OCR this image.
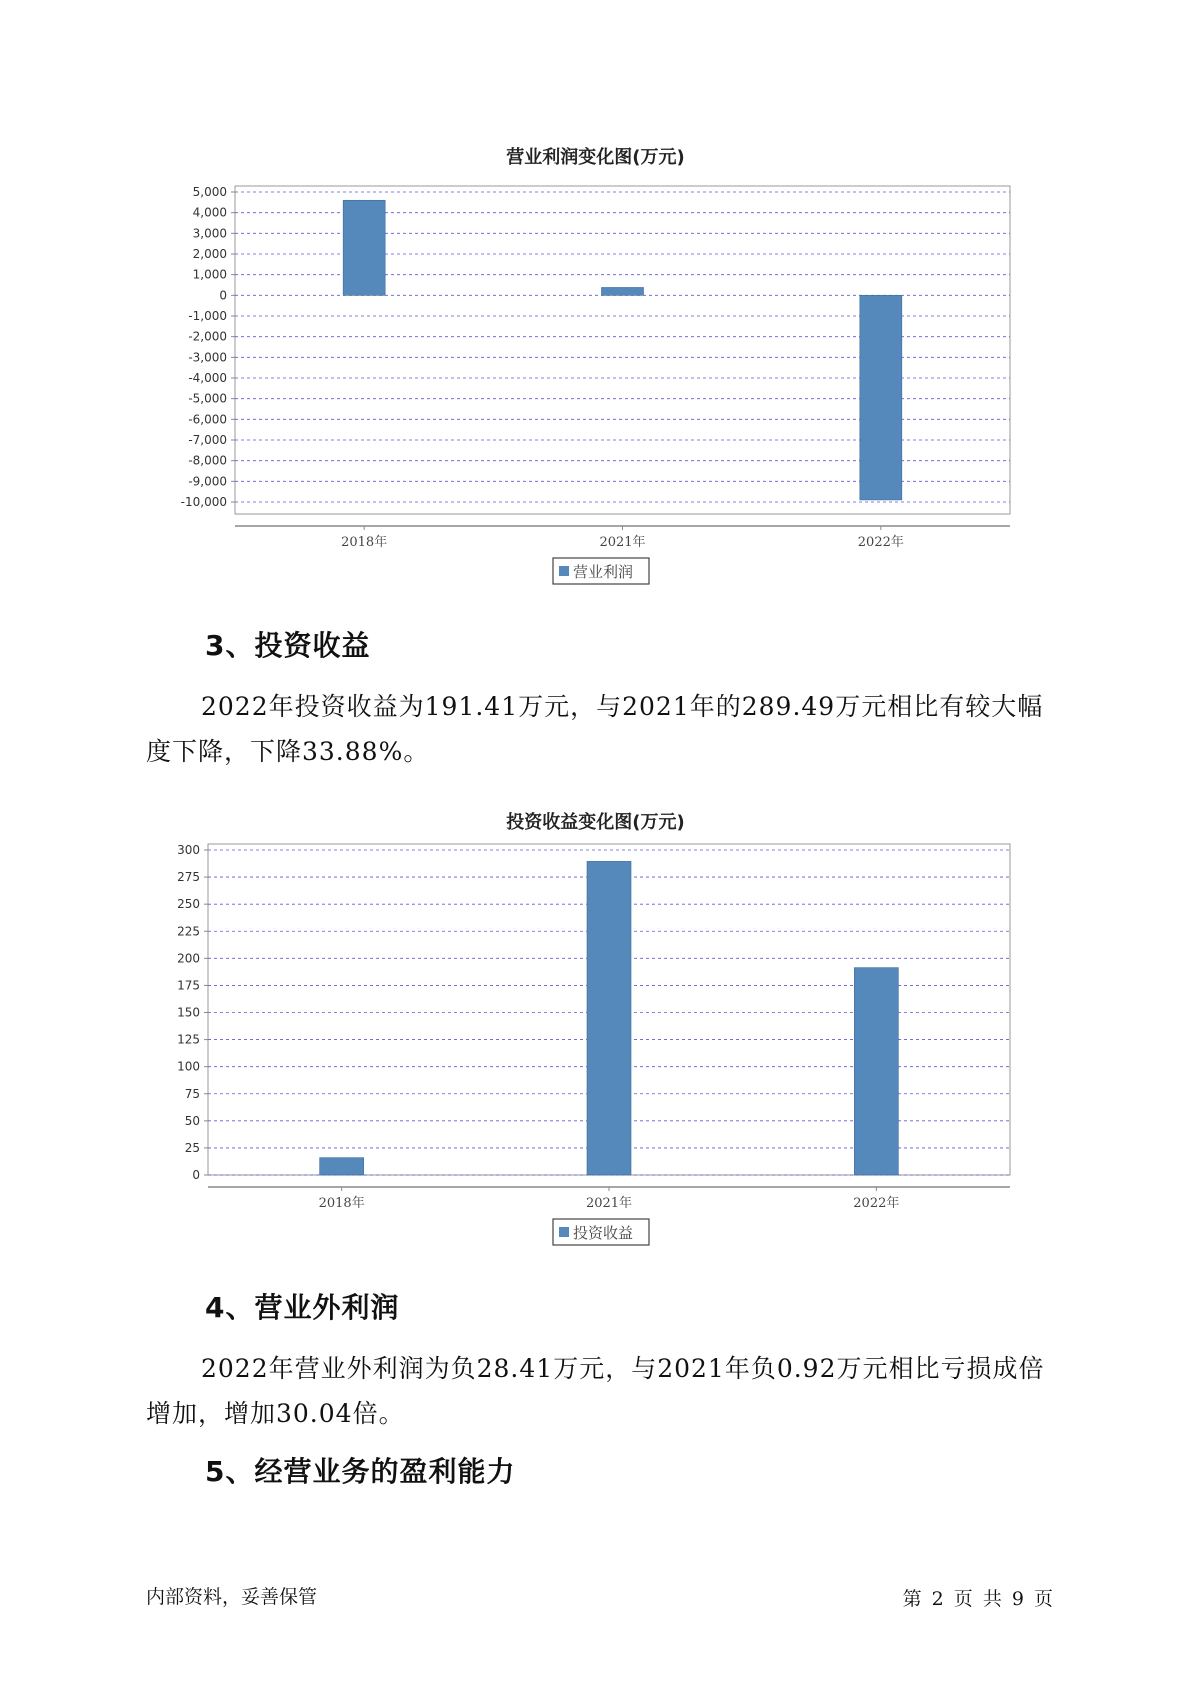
营业利润变化图(万元)
5,000
4,000
3,000
2,000
1,000
0
-1,000
-2,000
-3,000
-4,000
-5,000
-6,000
-7,000
-8,000
-9,000
-10,000
2018年	2021年	2022年
营业利润
3、投资收益
2022年投资收益为191.41万元，与2021年的289.49万元相比有较大幅度下降，下降33.88%。
投资收益变化图(万元)
300
275
250
225
200
175
150
125
100
75
50
25
0
2018年	2021年	2022年
投资收益
4、营业外利润
2022年营业外利润为负28.41万元，与2021年负0.92万元相比亏损成倍增加，增加30.04倍。
5、经营业务的盈利能力
内部资料，妥善保管	第 2 页 共 9 页
